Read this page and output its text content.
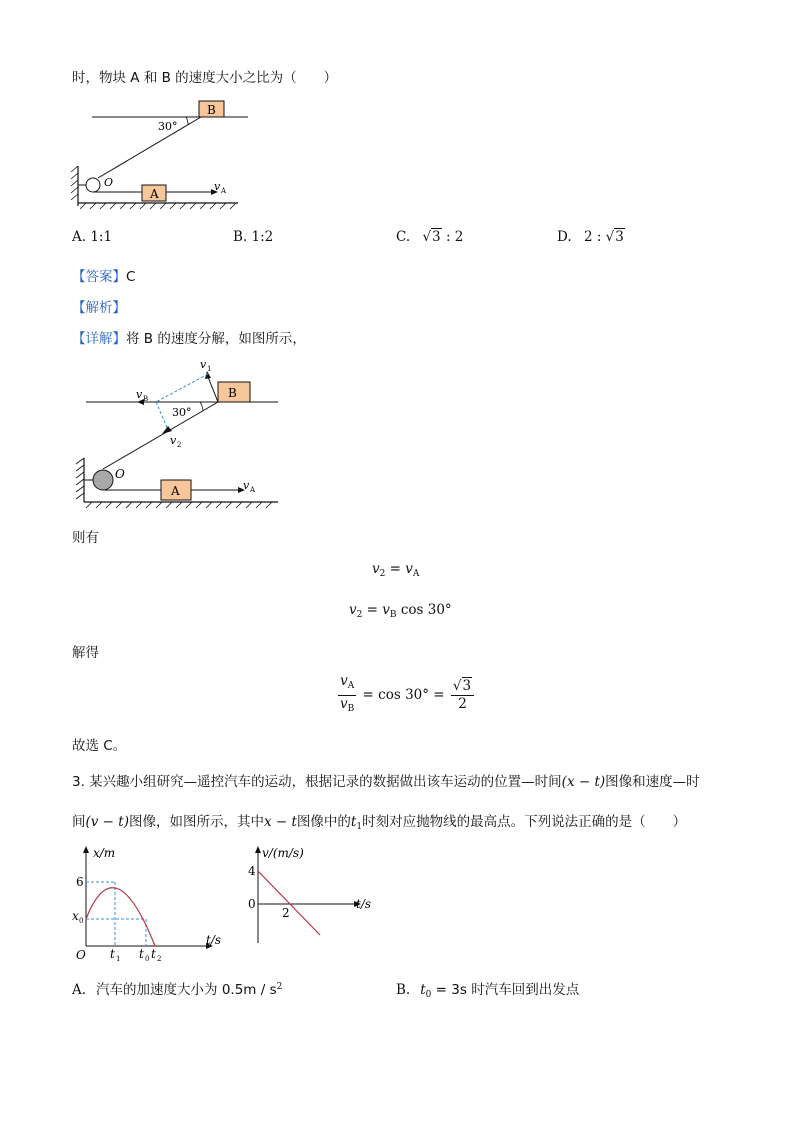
时，物块 A 和 B 的速度大小之比为（　　）
B
30°
O
A
v A
A. 1:1	B. 1:2	C. √3 : 2	D. 2 : √3
【答案】C
【解析】
【详解】将 B 的速度分解，如图所示，
B
v B
v 1
v 2
30°
O
A	v A
则有
$v_2 = v_A$
$v_2 = v_B$ cos 30°
解得
$\frac{v_A}{v_B} = \cos 30^\circ = \frac{√3}{2}$
故选 C。
3. 某兴趣小组研究—遥控汽车的运动，根据记录的数据做出该车运动的位置—时间(x − t)图像和速度—时
间(v − t)图像，如图所示，其中x − t图像中的$t_1$时刻对应抛物线的最高点。下列说法正确的是（　　）
x/m
t/s
6
x 0
O t 1 t 0 t 2
v/(m/s)
t/s
4
0
2
A. 汽车的加速度大小为 $0.5m / s^2$	B. $t_0 = 3s$ 时汽车回到出发点
